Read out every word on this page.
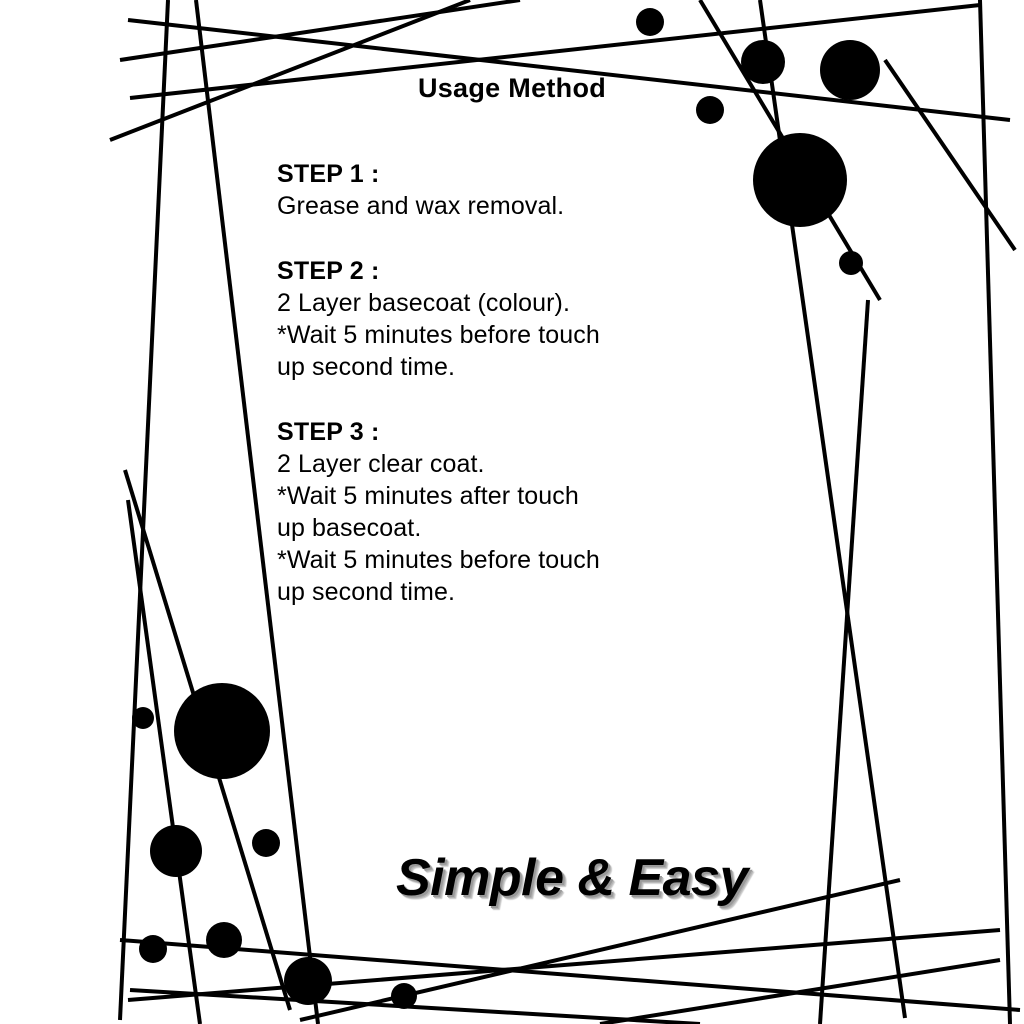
Usage Method
STEP 1 :
Grease and wax removal.
STEP 2 :
2 Layer basecoat (colour).
*Wait 5 minutes before touch
up second time.
STEP 3 :
2 Layer clear coat.
*Wait 5 minutes after touch
up basecoat.
*Wait 5 minutes before touch
up second time.
Simple & Easy
